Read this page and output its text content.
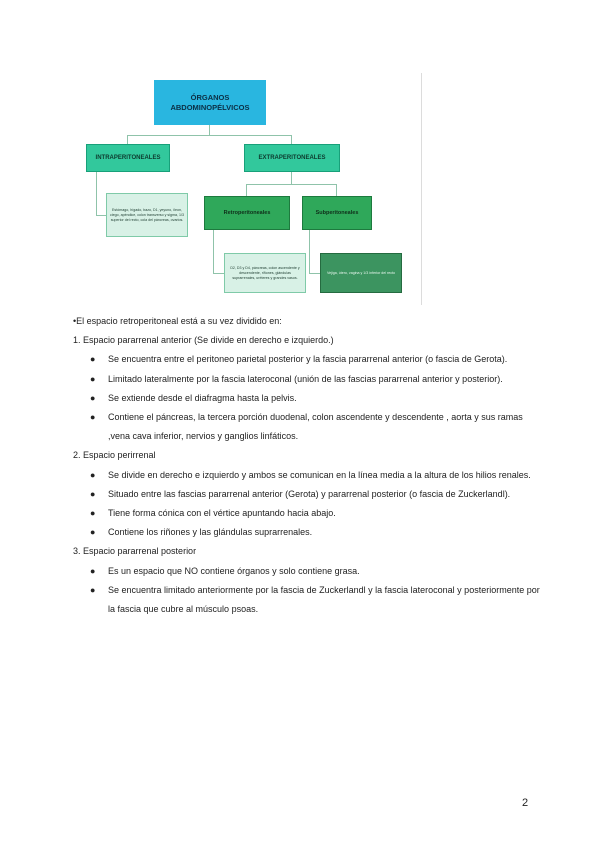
ÓRGANOS ABDOMINOPÉLVICOS
INTRAPERITONEALES	EXTRAPERITONEALES
Retroperitoneales	Subperitoneales
Estómago, hígado, bazo, D1, yeyuno, íleon, ciego, apéndice, colon transverso y sigma, 1/3 superior del recto, cola del páncreas, ovarios.
D2, D3 y D4, páncreas, colon ascendente y descendente, riñones, glándulas suprarrenales, uréteres y grandes vasos.
Vejiga, útero, vagina y 1/3 inferior del recto
•El espacio retroperitoneal está a su vez dividido en:
1. Espacio pararrenal anterior (Se divide en derecho e izquierdo.)
●	Se encuentra entre el peritoneo parietal posterior y la fascia pararrenal anterior (o fascia de Gerota).
●	Limitado lateralmente por la fascia lateroconal (unión de las fascias pararrenal anterior y posterior).
●	Se extiende desde el diafragma hasta la pelvis.
●	Contiene el páncreas, la tercera porción duodenal, colon ascendente y descendente , aorta y sus ramas ,vena cava inferior, nervios y ganglios linfáticos.
2. Espacio perirrenal
●	Se divide en derecho e izquierdo y ambos se comunican en la línea media a la altura de los hilios renales.
●	Situado entre las fascias pararrenal anterior (Gerota) y pararrenal posterior (o fascia de Zuckerlandl).
●	Tiene forma cónica con el vértice apuntando hacia abajo.
●	Contiene los riñones y las glándulas suprarrenales.
3. Espacio pararrenal posterior
●	Es un espacio que NO contiene órganos y solo contiene grasa.
●	Se encuentra limitado anteriormente por la fascia de Zuckerlandl y la fascia lateroconal y posteriormente por la fascia que cubre al músculo psoas.
2
